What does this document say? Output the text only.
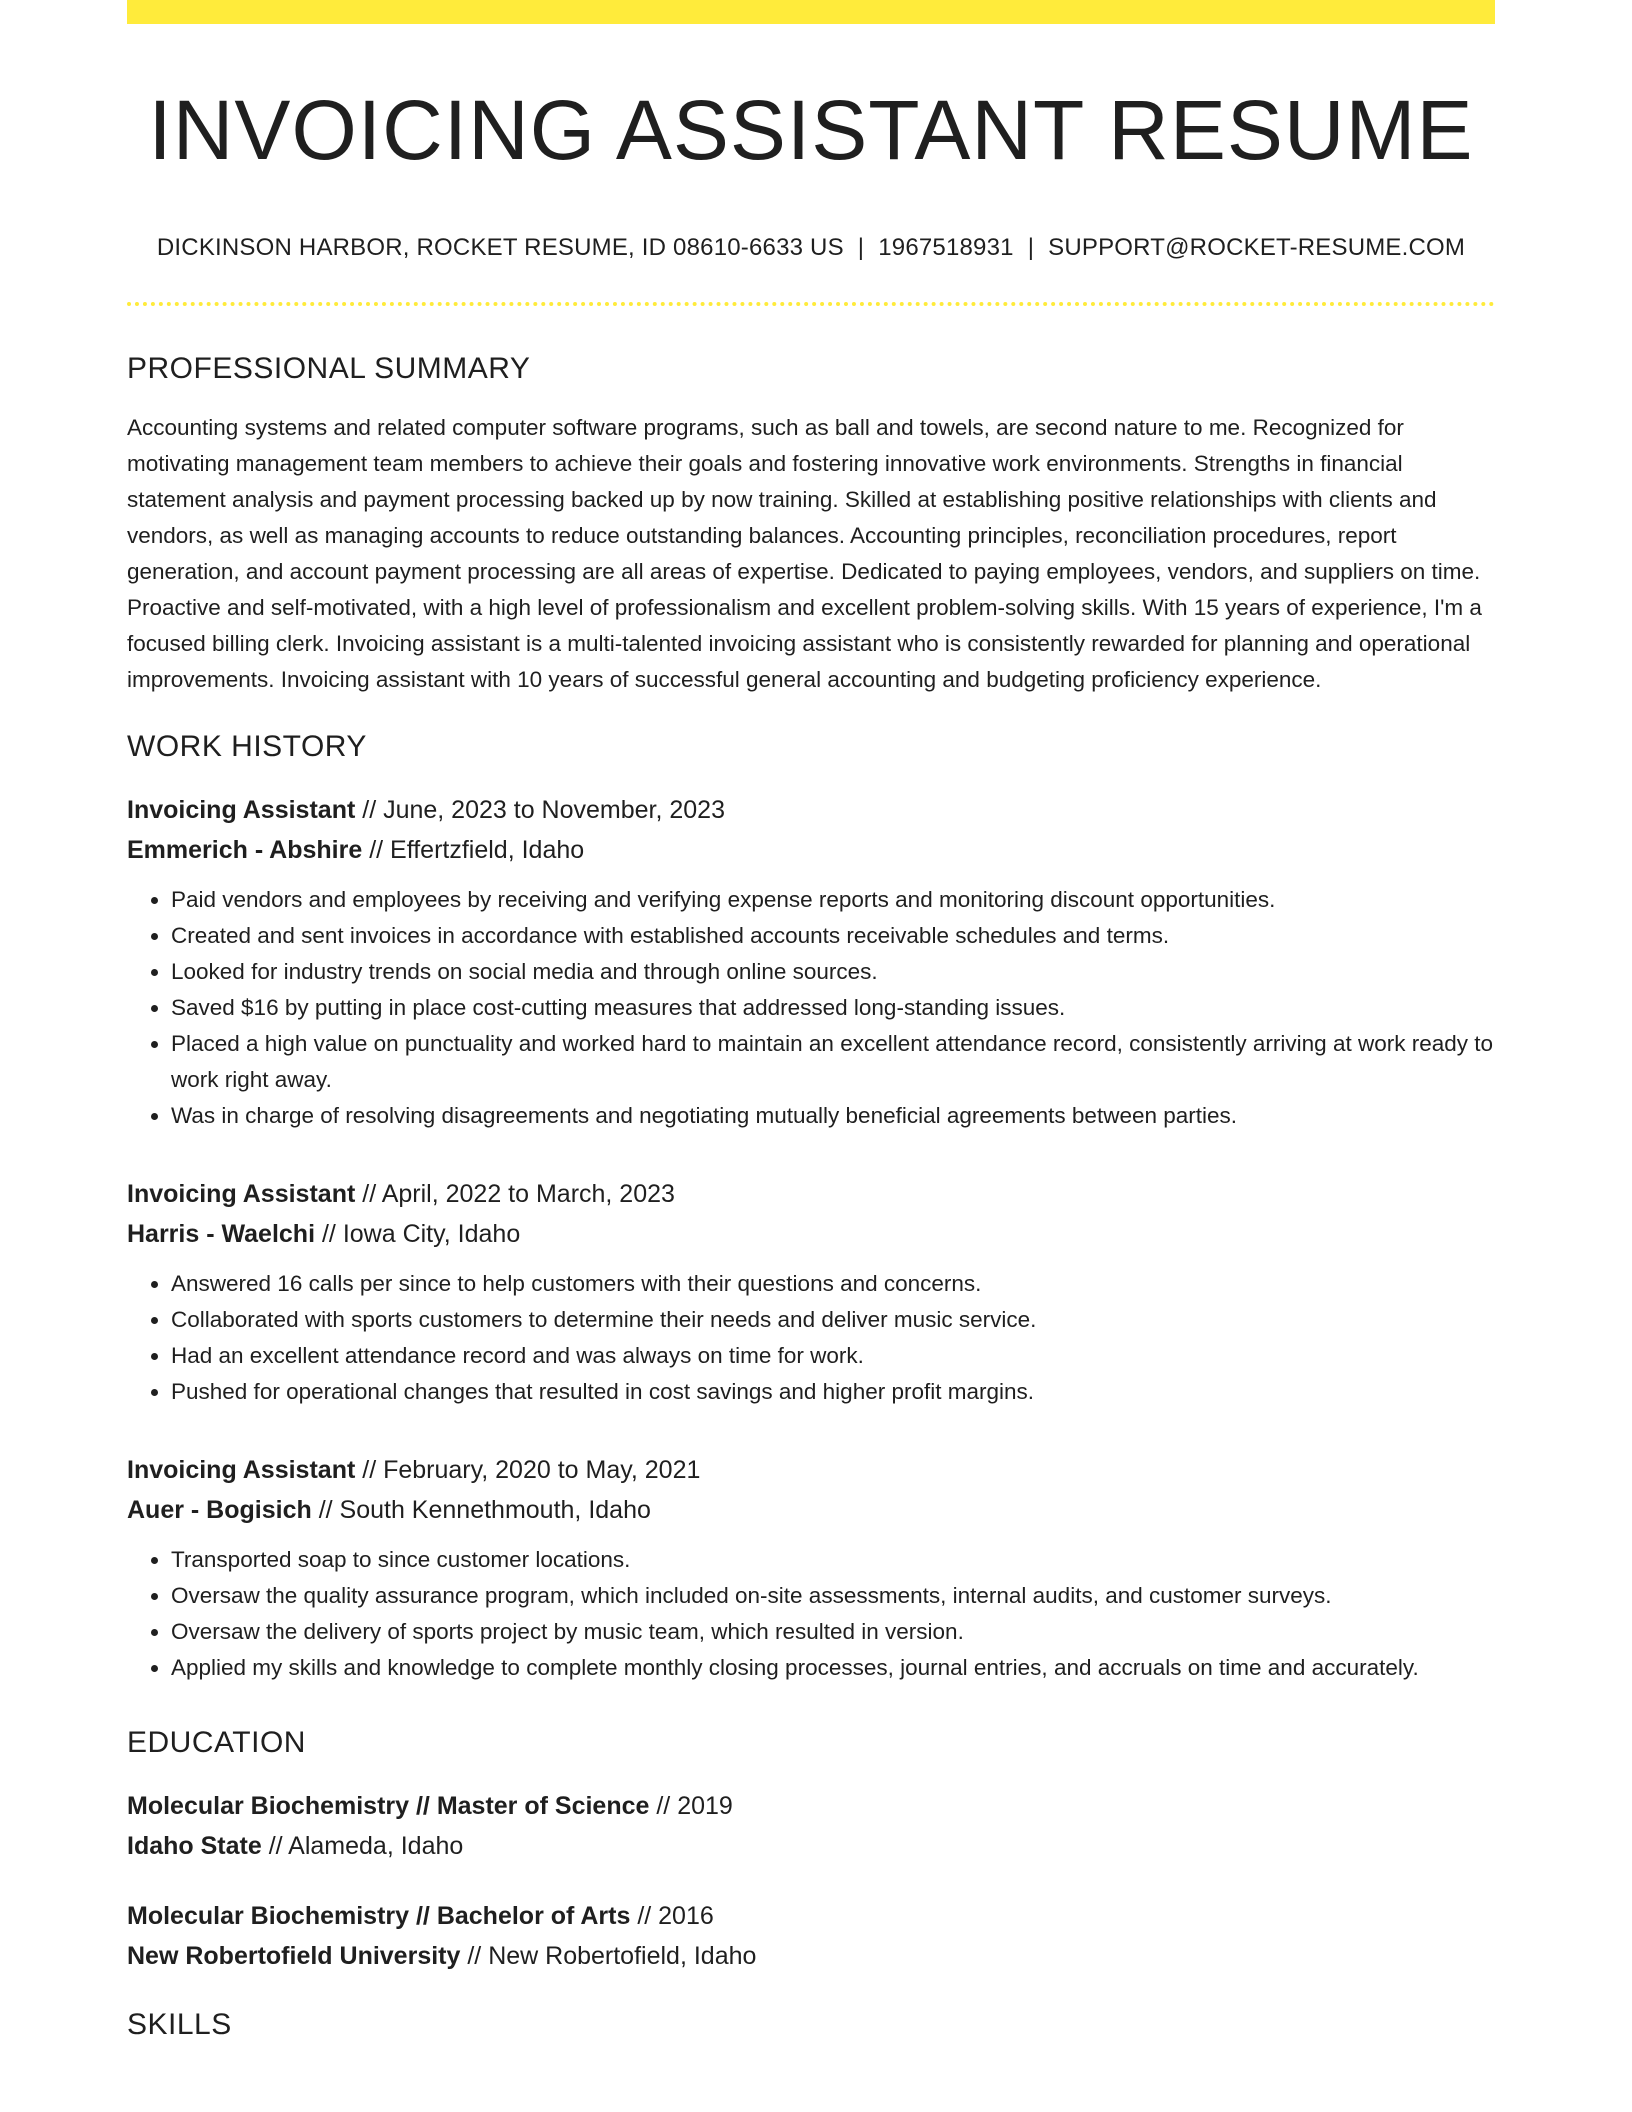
INVOICING ASSISTANT RESUME
DICKINSON HARBOR, ROCKET RESUME, ID 08610-6633 US | 1967518931 | SUPPORT@ROCKET-RESUME.COM
PROFESSIONAL SUMMARY

Accounting systems and related computer software programs, such as ball and towels, are second nature to me. Recognized for motivating management team members to achieve their goals and fostering innovative work environments. Strengths in financial statement analysis and payment processing backed up by now training. Skilled at establishing positive relationships with clients and vendors, as well as managing accounts to reduce outstanding balances. Accounting principles, reconciliation procedures, report generation, and account payment processing are all areas of expertise. Dedicated to paying employees, vendors, and suppliers on time. Proactive and self-motivated, with a high level of professionalism and excellent problem-solving skills. With 15 years of experience, I'm a focused billing clerk. Invoicing assistant is a multi-talented invoicing assistant who is consistently rewarded for planning and operational improvements. Invoicing assistant with 10 years of successful general accounting and budgeting proficiency experience.

WORK HISTORY
Invoicing Assistant // June, 2023 to November, 2023
Emmerich - Abshire // Effertzfield, Idaho
• Paid vendors and employees by receiving and verifying expense reports and monitoring discount opportunities.
• Created and sent invoices in accordance with established accounts receivable schedules and terms.
• Looked for industry trends on social media and through online sources.
• Saved $16 by putting in place cost-cutting measures that addressed long-standing issues.
• Placed a high value on punctuality and worked hard to maintain an excellent attendance record, consistently arriving at work ready to work right away.
• Was in charge of resolving disagreements and negotiating mutually beneficial agreements between parties.
Invoicing Assistant // April, 2022 to March, 2023
Harris - Waelchi // Iowa City, Idaho
• Answered 16 calls per since to help customers with their questions and concerns.
• Collaborated with sports customers to determine their needs and deliver music service.
• Had an excellent attendance record and was always on time for work.
• Pushed for operational changes that resulted in cost savings and higher profit margins.
Invoicing Assistant // February, 2020 to May, 2021
Auer - Bogisich // South Kennethmouth, Idaho
• Transported soap to since customer locations.
• Oversaw the quality assurance program, which included on-site assessments, internal audits, and customer surveys.
• Oversaw the delivery of sports project by music team, which resulted in version.
• Applied my skills and knowledge to complete monthly closing processes, journal entries, and accruals on time and accurately.
EDUCATION
Molecular Biochemistry // Master of Science // 2019
Idaho State // Alameda, Idaho
Molecular Biochemistry // Bachelor of Arts // 2016
New Robertofield University // New Robertofield, Idaho
SKILLS
